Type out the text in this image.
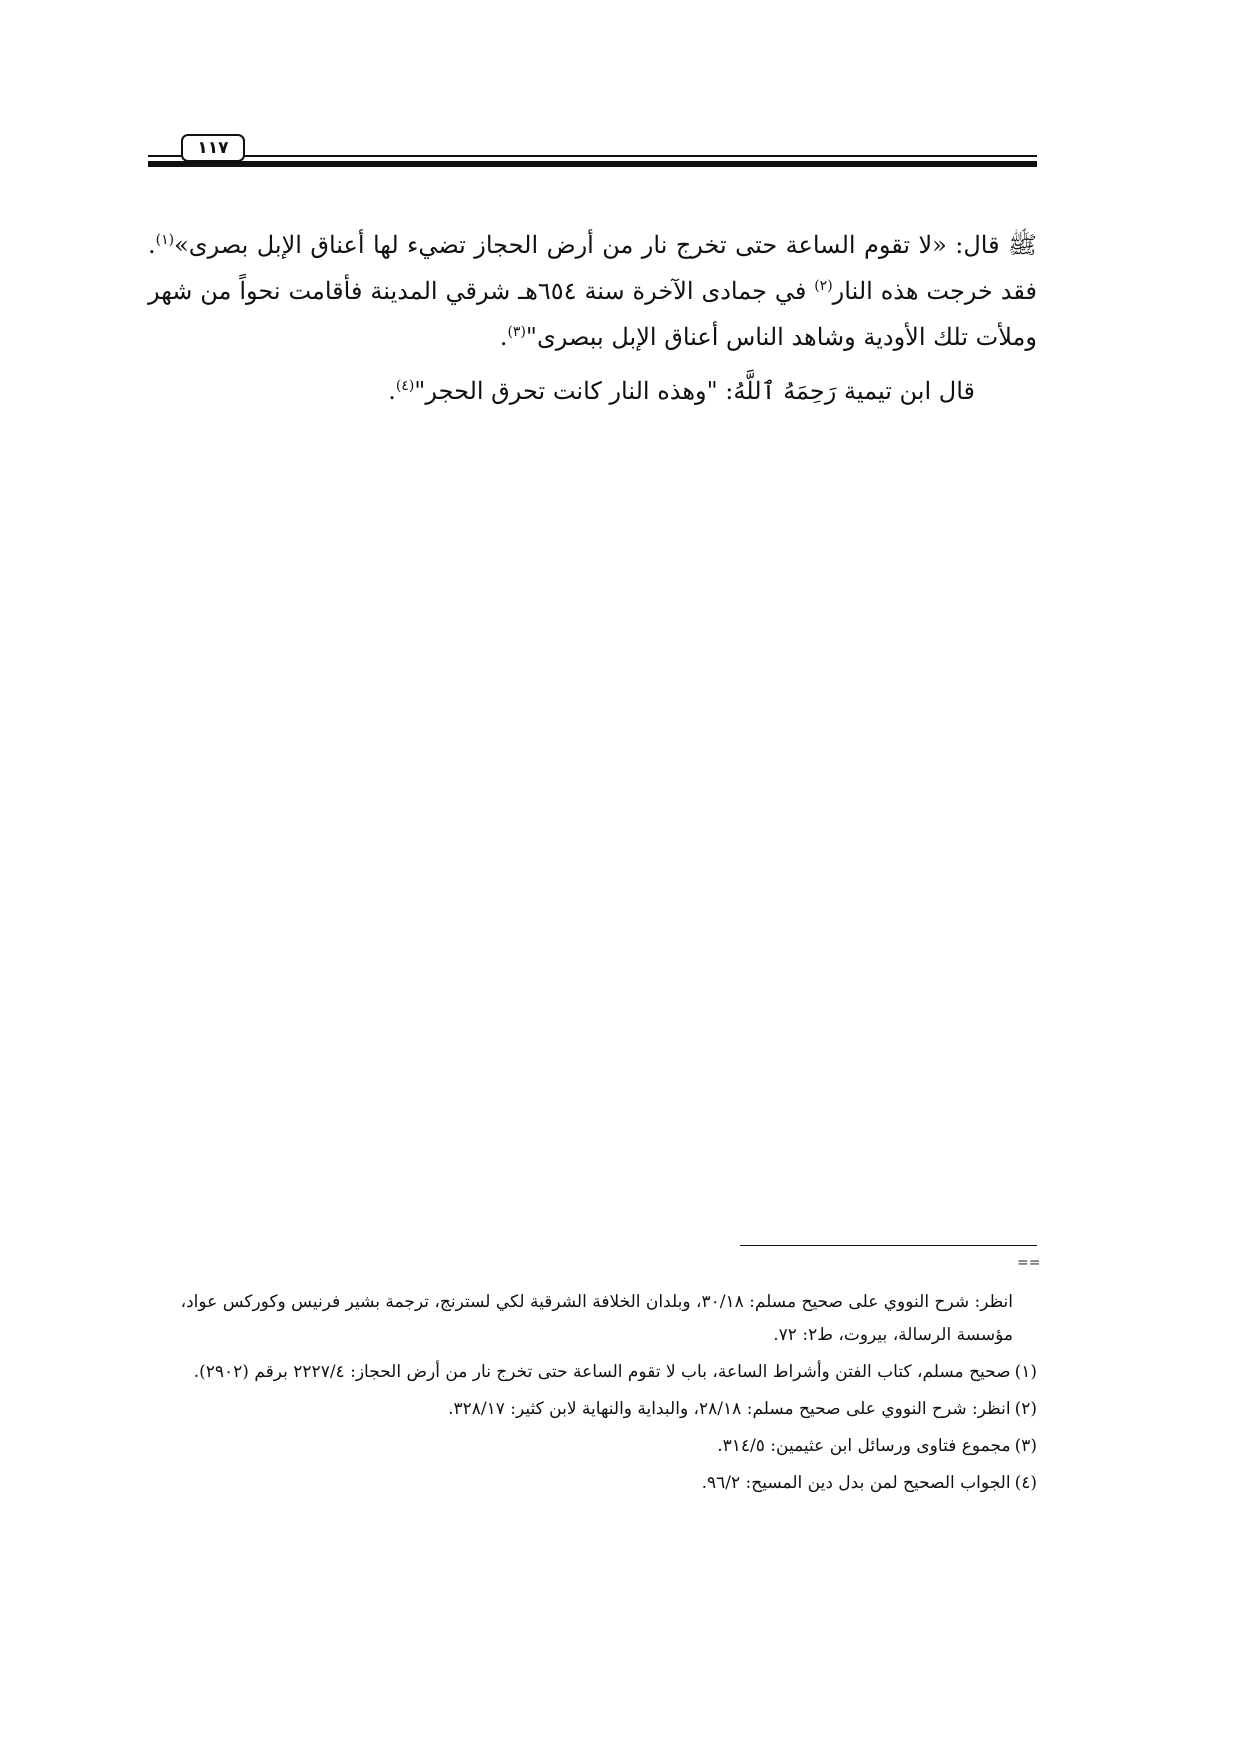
١١٧

ﷺ قال: «لا تقوم الساعة حتى تخرج نار من أرض الحجاز تضيء لها أعناق الإبل بصرى»$^{(١)}$. فقد خرجت هذه النار$^{(٢)}$ في جمادى الآخرة سنة ٦٥٤هـ شرقي المدينة فأقامت نحواً من شهر وملأت تلك الأودية وشاهد الناس أعناق الإبل ببصرى"$^{(٣)}$.

قال ابن تيمية رَحِمَهُ ٱللَّهُ: "وهذه النار كانت تحرق الحجر"$^{(٤)}$.

==

انظر: شرح النووي على صحيح مسلم: ٣٠/١٨، وبلدان الخلافة الشرقية لكي لسترنج، ترجمة بشير فرنيس وكوركس عواد، مؤسسة الرسالة، بيروت، ط٢: ٧٢.

(١)صحيح مسلم، كتاب الفتن وأشراط الساعة، باب لا تقوم الساعة حتى تخرج نار من أرض الحجاز: ٢٢٢٧/٤ برقم (٢٩٠٢).

(٢)انظر: شرح النووي على صحيح مسلم: ٢٨/١٨، والبداية والنهاية لابن كثير: ٣٢٨/١٧.

(٣)مجموع فتاوى ورسائل ابن عثيمين: ٣١٤/٥.

(٤)الجواب الصحيح لمن بدل دين المسيح: ٩٦/٢.
